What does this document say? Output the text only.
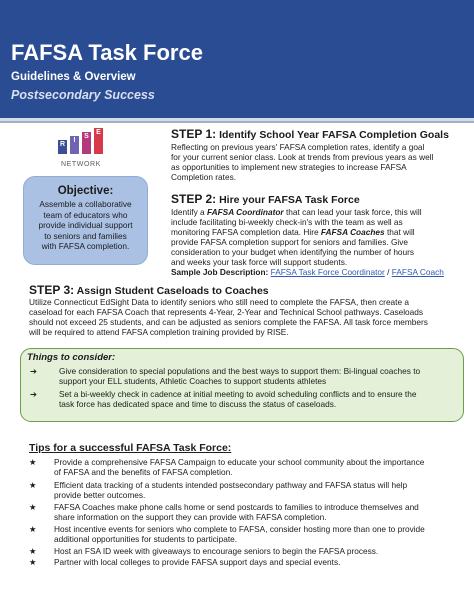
FAFSA Task Force
Guidelines & Overview
Postsecondary Success
R
I
S
E
NETWORK
Objective:
Assemble a collaborative
team of educators who
provide individual support
to seniors and families
with FAFSA completion.
STEP 1: Identify School Year FAFSA Completion Goals
Reflecting on previous years' FAFSA completion rates, identify a goal
for your current senior class. Look at trends from previous years as well
as opportunities to implement new strategies to increase FAFSA
Completion rates.
STEP 2: Hire your FAFSA Task Force
Identify a FAFSA Coordinator that can lead your task force, this will
include facilitating bi-weekly check-in's with the team as well as
monitoring FAFSA completion data. Hire FAFSA Coaches that will
provide FAFSA completion support for seniors and families. Give
consideration to your budget when identifying the number of hours
and weeks your task force will support students.
Sample Job Description: FAFSA Task Force Coordinator / FAFSA Coach
STEP 3: Assign Student Caseloads to Coaches
Utilize Connecticut EdSight Data to identify seniors who still need to complete the FAFSA, then create a
caseload for each FAFSA Coach that represents 4-Year, 2-Year and Technical School pathways. Caseloads
should not exceed 25 students, and can be adjusted as seniors complete the FAFSA. All task force members
will be required to attend FAFSA completion training provided by RISE.
Things to consider:
➔	Give consideration to special populations and the best ways to support them: Bi-lingual coaches to
support your ELL students, Athletic Coaches to support students athletes
➔	Set a bi-weekly check in cadence at initial meeting to avoid scheduling conflicts and to ensure the
task force has dedicated space and time to discuss the status of caseloads.
Tips for a successful FAFSA Task Force:
★	Provide a comprehensive FAFSA Campaign to educate your school community about the importance
of FAFSA and the benefits of FAFSA completion.
★	Efficient data tracking of a students intended postsecondary pathway and FAFSA status will help
provide better outcomes.
★	FAFSA Coaches make phone calls home or send postcards to families to introduce themselves and
share information on the support they can provide with FAFSA completion.
★	Host incentive events for seniors who complete to FAFSA, consider hosting more than one to provide
additional opportunities for students to participate.
★	Host an FSA ID week with giveaways to encourage seniors to begin the FAFSA process.
★	Partner with local colleges to provide FAFSA support days and special events.
